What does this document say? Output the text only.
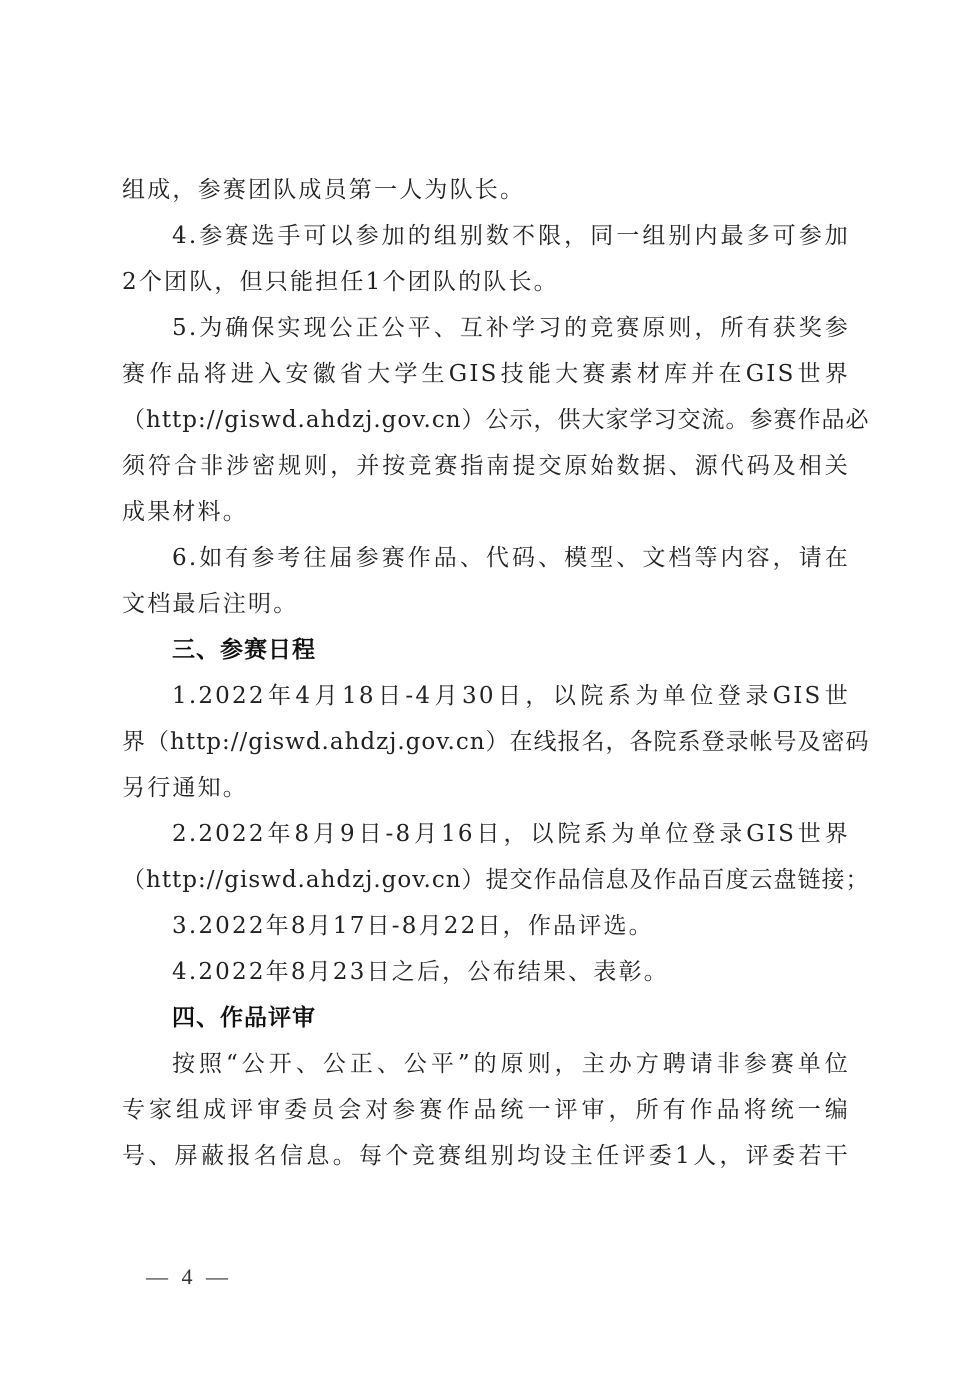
组成，参赛团队成员第一人为队长。
4.参赛选手可以参加的组别数不限，同一组别内最多可参加
2个团队，但只能担任1个团队的队长。
5.为确保实现公正公平、互补学习的竞赛原则，所有获奖参
赛作品将进入安徽省大学生GIS技能大赛素材库并在GIS世界
（http://giswd.ahdzj.gov.cn）公示，供大家学习交流。参赛作品必
须符合非涉密规则，并按竞赛指南提交原始数据、源代码及相关
成果材料。
6.如有参考往届参赛作品、代码、模型、文档等内容，请在
文档最后注明。
三、参赛日程
1.2022年4月18日-4月30日，以院系为单位登录GIS世
界（http://giswd.ahdzj.gov.cn）在线报名，各院系登录帐号及密码
另行通知。
2.2022年8月9日-8月16日，以院系为单位登录GIS世界
（http://giswd.ahdzj.gov.cn）提交作品信息及作品百度云盘链接；
3.2022年8月17日-8月22日，作品评选。
4.2022年8月23日之后，公布结果、表彰。
四、作品评审
按照“公开、公正、公平”的原则，主办方聘请非参赛单位
专家组成评审委员会对参赛作品统一评审，所有作品将统一编
号、屏蔽报名信息。每个竞赛组别均设主任评委1人，评委若干
— 4 —
